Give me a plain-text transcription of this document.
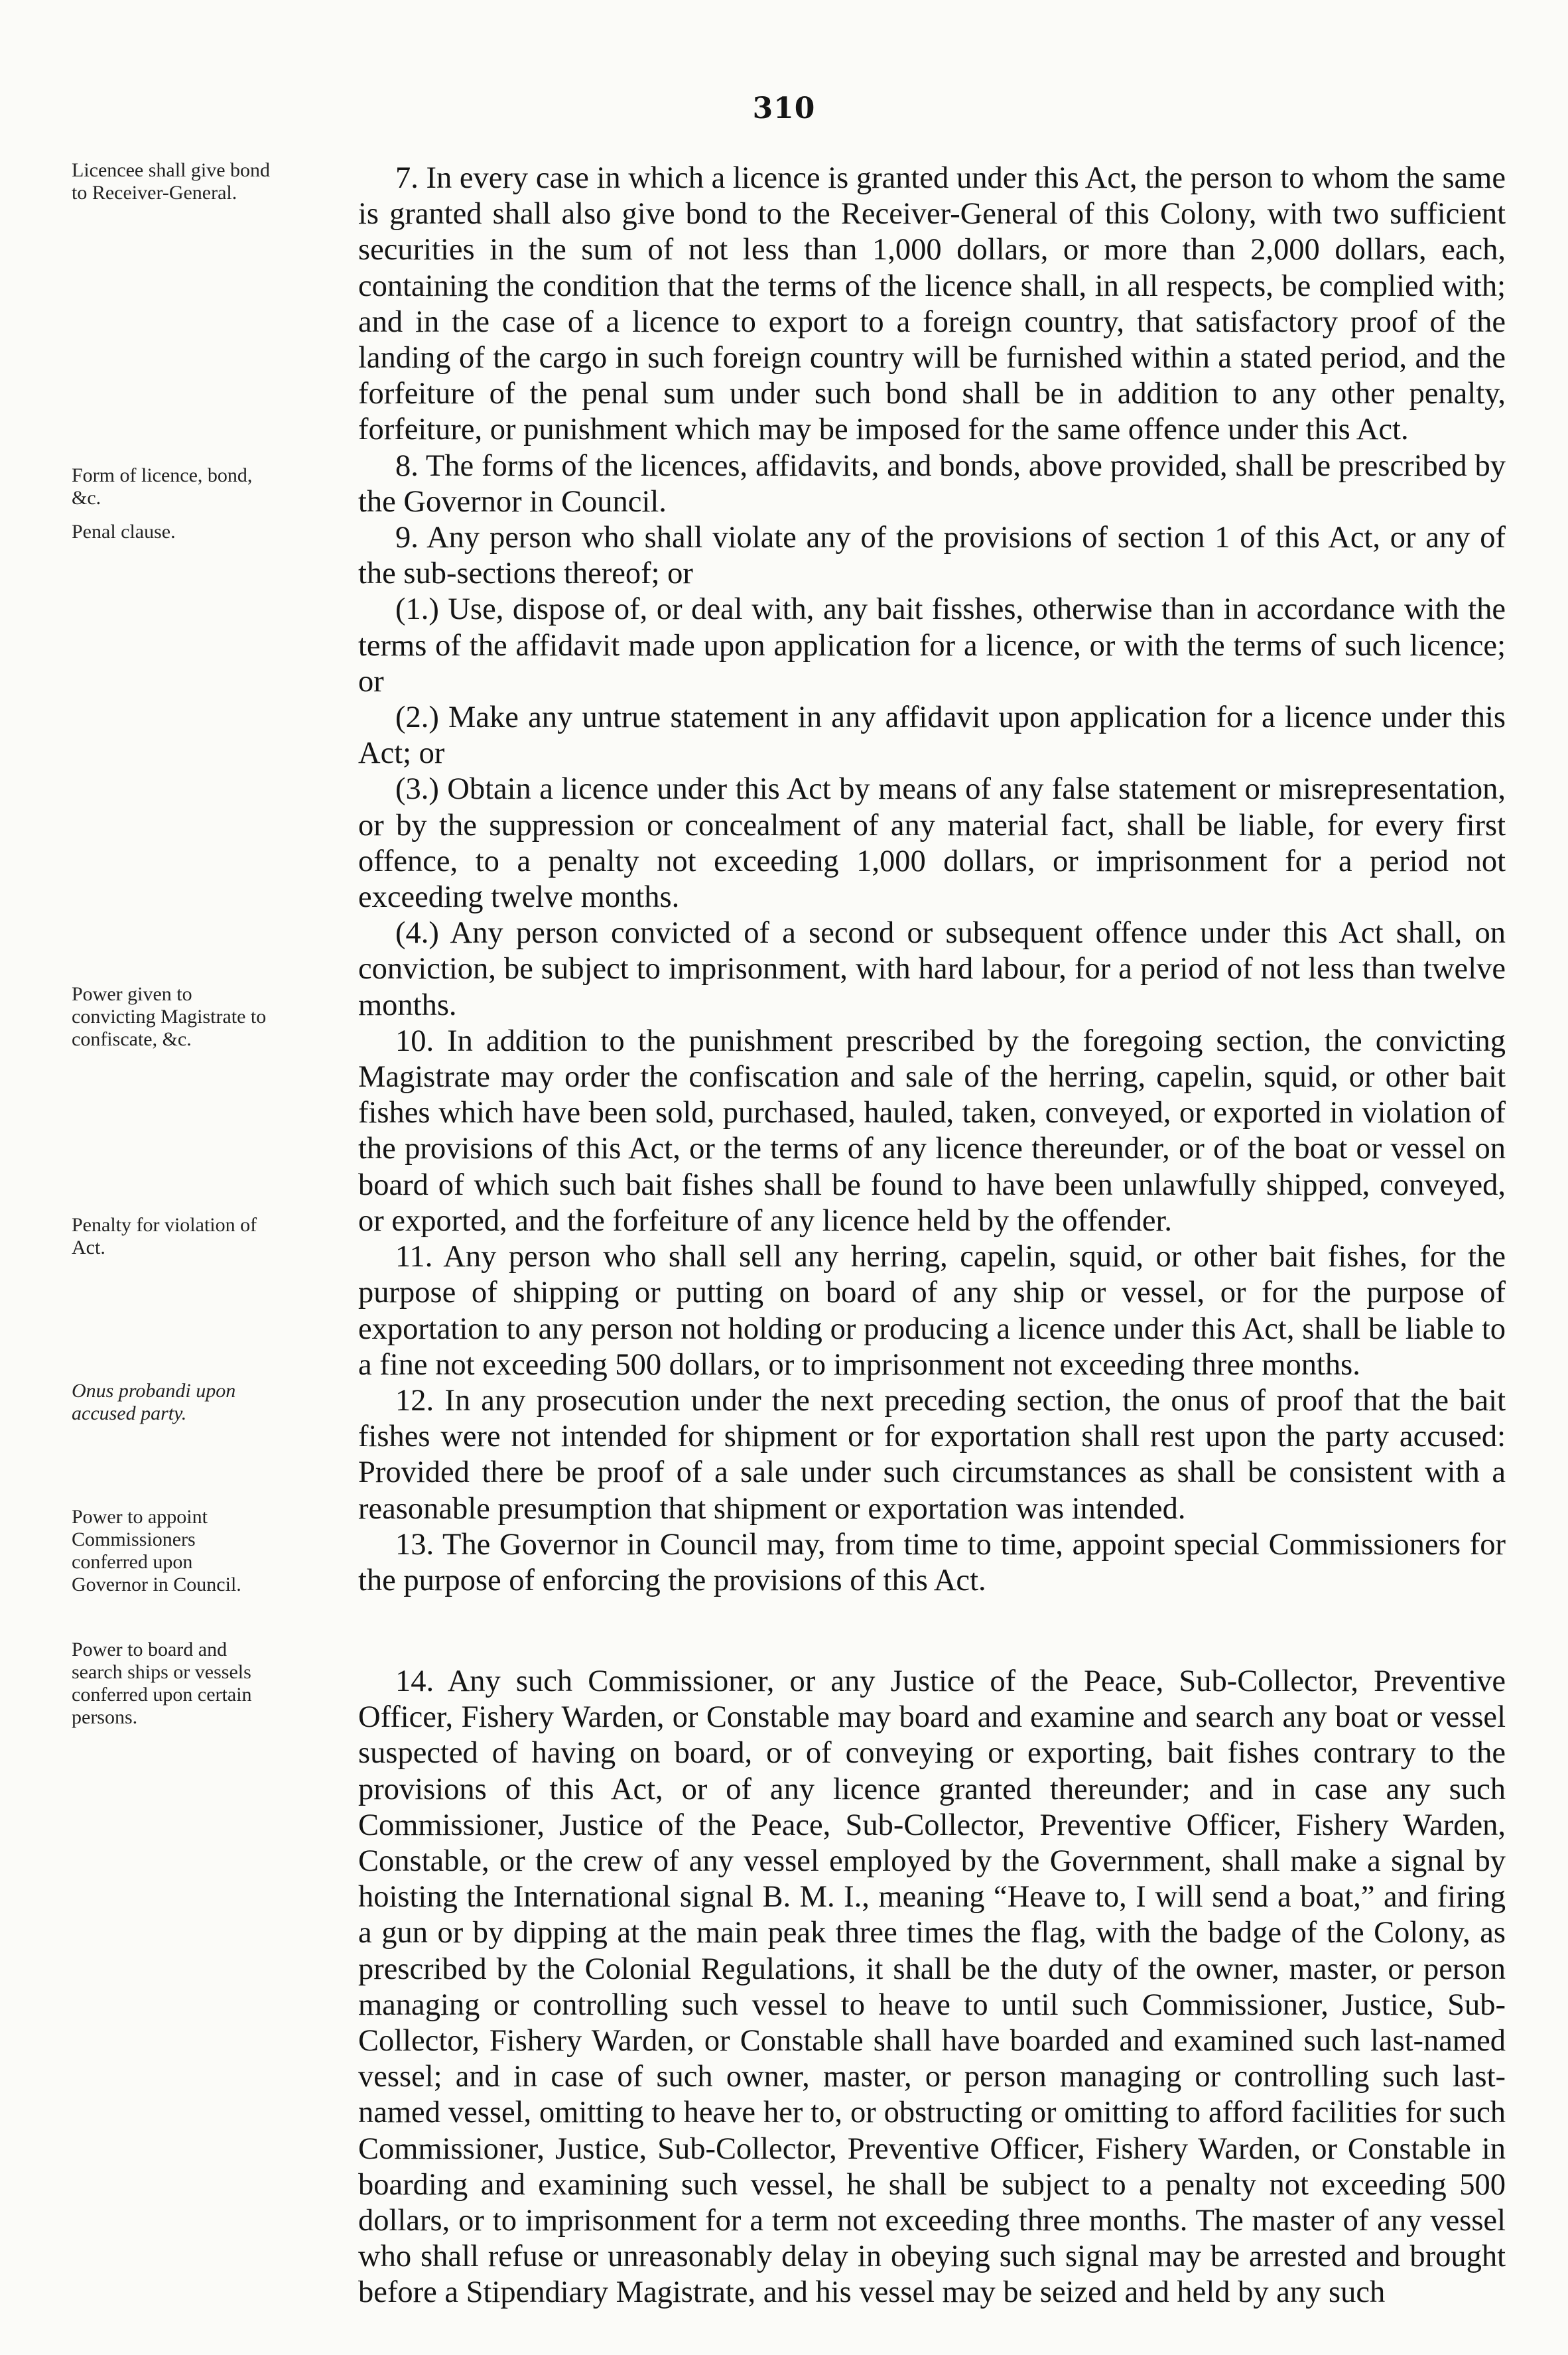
310
Licencee shall give bond to Receiver-General.
Form of licence, bond, &c.
Penal clause.
Power given to convicting Magistrate to confiscate, &c.
Penalty for violation of Act.
Onus probandi upon accused party.
Power to appoint Commissioners conferred upon Governor in Council.
Power to board and search ships or vessels conferred upon certain persons.

7. In every case in which a licence is granted under this Act, the person to whom the same is granted shall also give bond to the Receiver-General of this Colony, with two sufficient securities in the sum of not less than 1,000 dollars, or more than 2,000 dollars, each, containing the condition that the terms of the licence shall, in all respects, be complied with; and in the case of a licence to export to a foreign country, that satisfactory proof of the landing of the cargo in such foreign country will be furnished within a stated period, and the forfeiture of the penal sum under such bond shall be in addition to any other penalty, forfeiture, or punishment which may be imposed for the same offence under this Act.

8. The forms of the licences, affidavits, and bonds, above provided, shall be prescribed by the Governor in Council.

9. Any person who shall violate any of the provisions of section 1 of this Act, or any of the sub-sections thereof; or

(1.) Use, dispose of, or deal with, any bait fisshes, otherwise than in accordance with the terms of the affidavit made upon application for a licence, or with the terms of such licence; or

(2.) Make any untrue statement in any affidavit upon application for a licence under this Act; or

(3.) Obtain a licence under this Act by means of any false statement or misrepresentation, or by the suppression or concealment of any material fact, shall be liable, for every first offence, to a penalty not exceeding 1,000 dollars, or imprisonment for a period not exceeding twelve months.

(4.) Any person convicted of a second or subsequent offence under this Act shall, on conviction, be subject to imprisonment, with hard labour, for a period of not less than twelve months.

10. In addition to the punishment prescribed by the foregoing section, the convicting Magistrate may order the confiscation and sale of the herring, capelin, squid, or other bait fishes which have been sold, purchased, hauled, taken, conveyed, or exported in violation of the provisions of this Act, or the terms of any licence thereunder, or of the boat or vessel on board of which such bait fishes shall be found to have been unlawfully shipped, conveyed, or exported, and the forfeiture of any licence held by the offender.

11. Any person who shall sell any herring, capelin, squid, or other bait fishes, for the purpose of shipping or putting on board of any ship or vessel, or for the purpose of exportation to any person not holding or producing a licence under this Act, shall be liable to a fine not exceeding 500 dollars, or to imprisonment not exceeding three months.

12. In any prosecution under the next preceding section, the onus of proof that the bait fishes were not intended for shipment or for exportation shall rest upon the party accused: Provided there be proof of a sale under such circumstances as shall be consistent with a reasonable presumption that shipment or exportation was intended.

13. The Governor in Council may, from time to time, appoint special Commissioners for the purpose of enforcing the provisions of this Act.

14. Any such Commissioner, or any Justice of the Peace, Sub-Collector, Preventive Officer, Fishery Warden, or Constable may board and examine and search any boat or vessel suspected of having on board, or of conveying or exporting, bait fishes contrary to the provisions of this Act, or of any licence granted thereunder; and in case any such Commissioner, Justice of the Peace, Sub-Collector, Preventive Officer, Fishery Warden, Constable, or the crew of any vessel employed by the Government, shall make a signal by hoisting the International signal B. M. I., meaning “Heave to, I will send a boat,” and firing a gun or by dipping at the main peak three times the flag, with the badge of the Colony, as prescribed by the Colonial Regulations, it shall be the duty of the owner, master, or person managing or controlling such vessel to heave to until such Commissioner, Justice, Sub-Collector, Fishery Warden, or Constable shall have boarded and examined such last-named vessel; and in case of such owner, master, or person managing or controlling such last-named vessel, omitting to heave her to, or obstructing or omitting to afford facilities for such Commissioner, Justice, Sub-Collector, Preventive Officer, Fishery Warden, or Constable in boarding and examining such vessel, he shall be subject to a penalty not exceeding 500 dollars, or to imprisonment for a term not exceeding three months. The master of any vessel who shall refuse or unreasonably delay in obeying such signal may be arrested and brought before a Stipendiary Magistrate, and his vessel may be seized and held by any such
